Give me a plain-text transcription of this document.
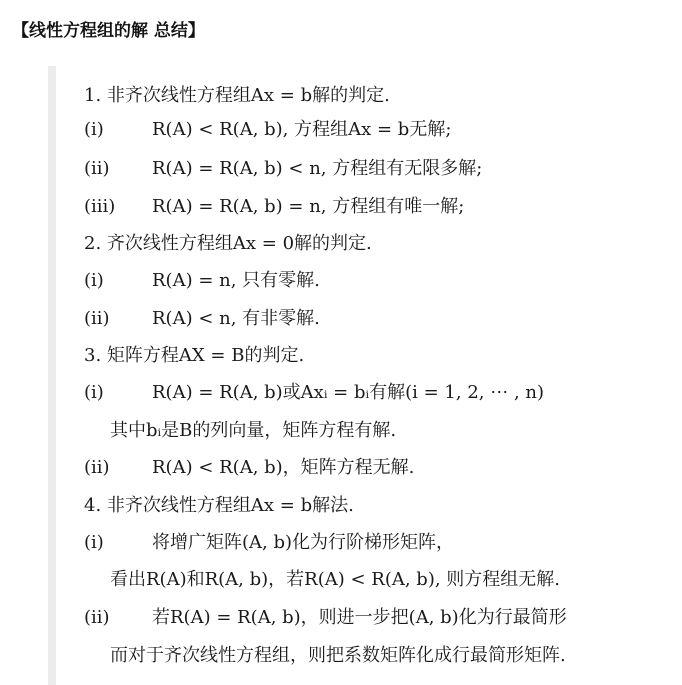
【线性方程组的解 总结】
1. 非齐次线性方程组Ax = b解的判定.
(ⅰ)	R(A) < R(A, b), 方程组Ax = b无解;
(ⅱ) R(A) = R(A, b) < n, 方程组有无限多解;
(ⅲ) R(A) = R(A, b) = n, 方程组有唯一解;
2. 齐次线性方程组Ax = 0解的判定.
(ⅰ)	R(A) = n, 只有零解.
(ⅱ) R(A) < n, 有非零解.
3. 矩阵方程AX = B的判定.
(ⅰ)	R(A) = R(A, b)或Axᵢ = bᵢ有解(i = 1, 2, ⋯ , n)
其中bᵢ是B的列向量，矩阵方程有解.
(ⅱ) R(A) < R(A, b)，矩阵方程无解.
4. 非齐次线性方程组Ax = b解法.
(ⅰ)	将增广矩阵(A, b)化为行阶梯形矩阵，
看出R(A)和R(A, b)，若R(A) < R(A, b), 则方程组无解.
(ⅱ) 若R(A) = R(A, b)，则进一步把(A, b)化为行最简形
而对于齐次线性方程组，则把系数矩阵化成行最简形矩阵.
